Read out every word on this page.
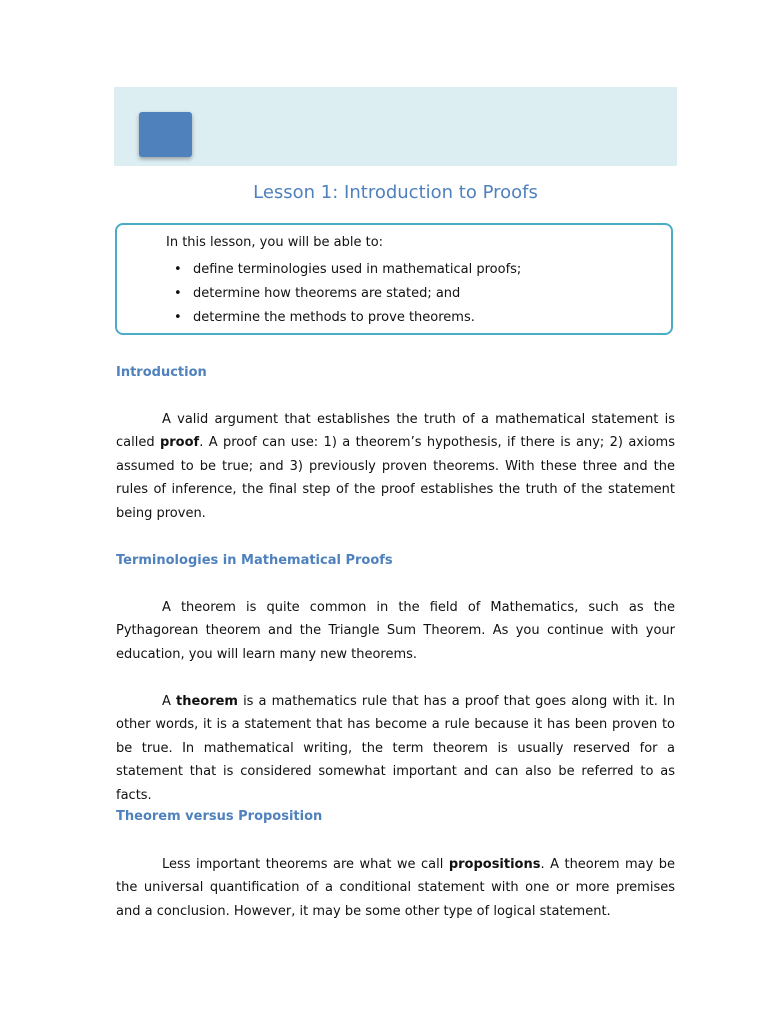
Lesson 1: Introduction to Proofs

In this lesson, you will be able to:

• define terminologies used in mathematical proofs;
• determine how theorems are stated; and
• determine the methods to prove theorems.
Introduction

A valid argument that establishes the truth of a mathematical statement is called proof. A proof can use: 1) a theorem’s hypothesis, if there is any; 2) axioms assumed to be true; and 3) previously proven theorems. With these three and the rules of inference, the final step of the proof establishes the truth of the statement being proven.

Terminologies in Mathematical Proofs

A theorem is quite common in the field of Mathematics, such as the Pythagorean theorem and the Triangle Sum Theorem. As you continue with your education, you will learn many new theorems.

A theorem is a mathematics rule that has a proof that goes along with it. In other words, it is a statement that has become a rule because it has been proven to be true. In mathematical writing, the term theorem is usually reserved for a statement that is considered somewhat important and can also be referred to as facts.

Theorem versus Proposition

Less important theorems are what we call propositions. A theorem may be the universal quantification of a conditional statement with one or more premises and a conclusion. However, it may be some other type of logical statement.
